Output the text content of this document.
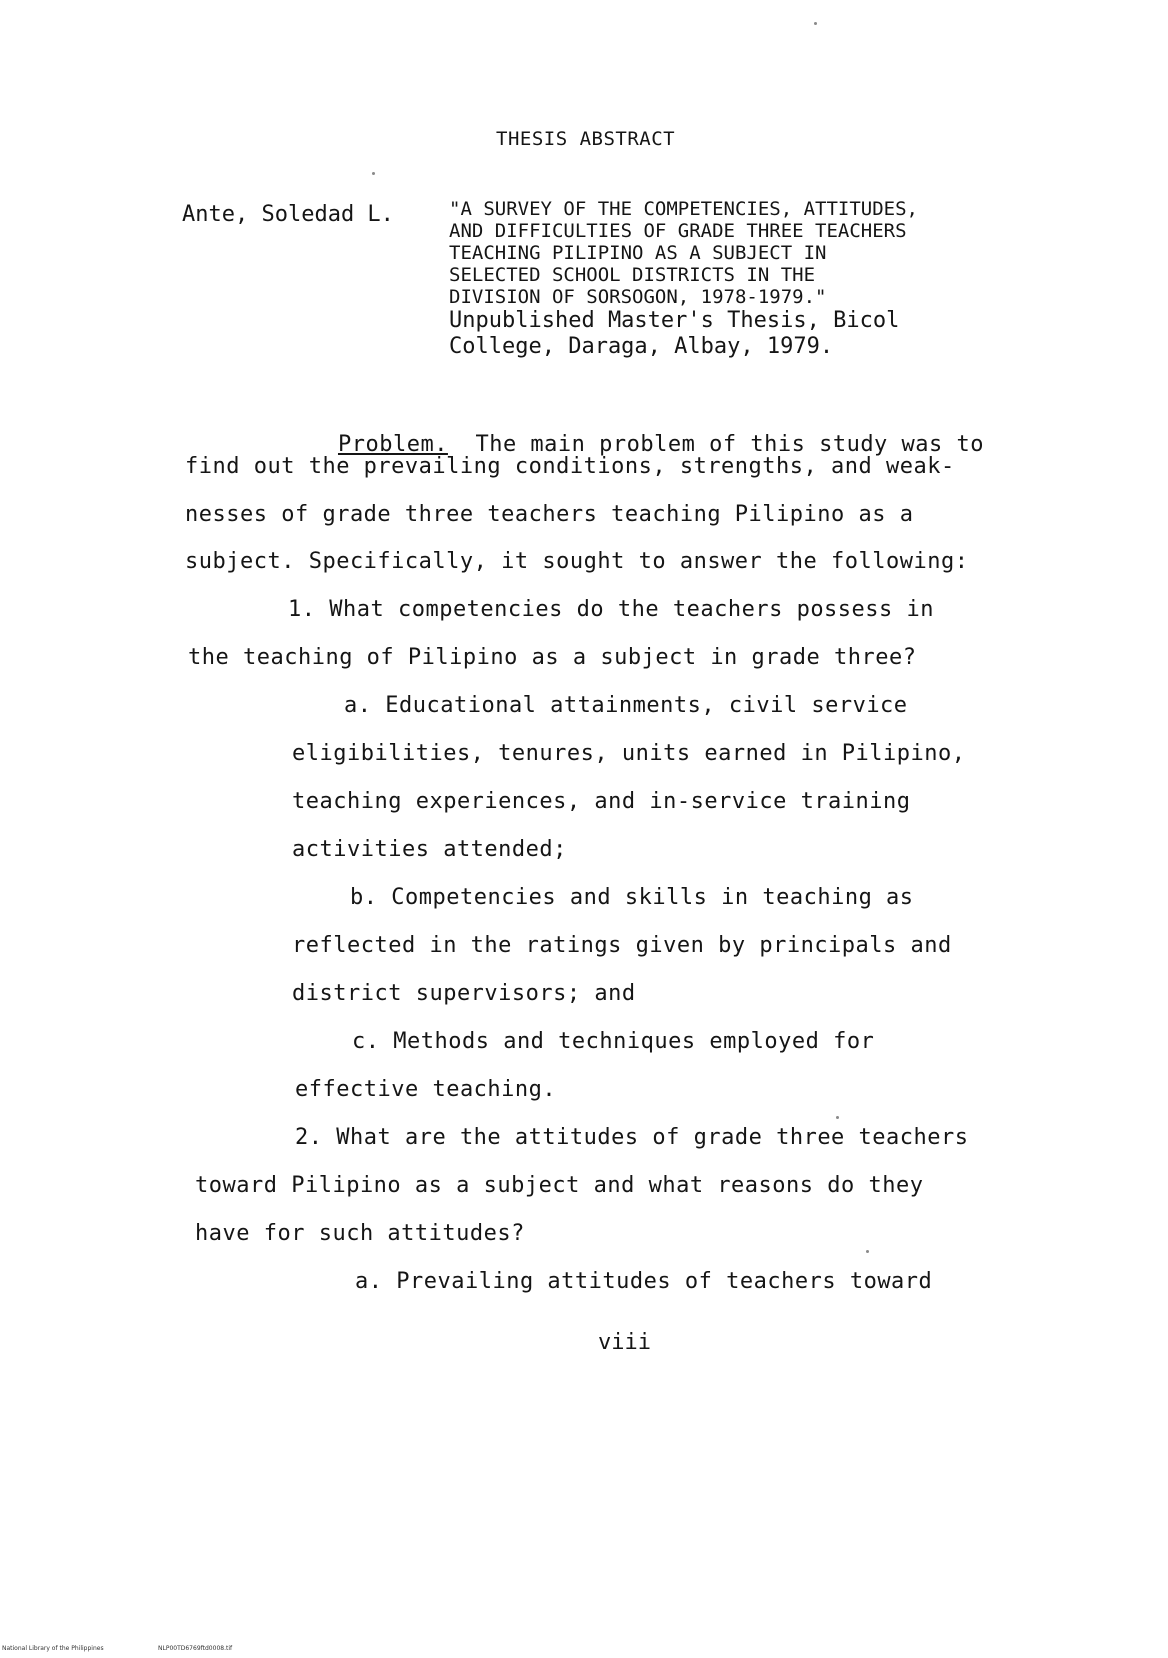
THESIS ABSTRACT
Ante, Soledad L.	"A SURVEY OF THE COMPETENCIES, ATTITUDES,
AND DIFFICULTIES OF GRADE THREE TEACHERS
TEACHING PILIPINO AS A SUBJECT IN
SELECTED SCHOOL DISTRICTS IN THE
DIVISION OF SORSOGON, 1978-1979."
Unpublished Master's Thesis, Bicol
College, Daraga, Albay, 1979.

Problem. The main problem of this study was to

find out the prevailing conditions, strengths, and weak-
nesses of grade three teachers teaching Pilipino as a
subject. Specifically, it sought to answer the following:
1. What competencies do the teachers possess in
the teaching of Pilipino as a subject in grade three?
a. Educational attainments, civil service
eligibilities, tenures, units earned in Pilipino,
teaching experiences, and in-service training
activities attended;
b. Competencies and skills in teaching as
reflected in the ratings given by principals and
district supervisors; and
c. Methods and techniques employed for
effective teaching.
2. What are the attitudes of grade three teachers
toward Pilipino as a subject and what reasons do they
have for such attitudes?
a. Prevailing attitudes of teachers toward
viii
National Library of the Philippines	NLP00TD6769ftd0008.tif
